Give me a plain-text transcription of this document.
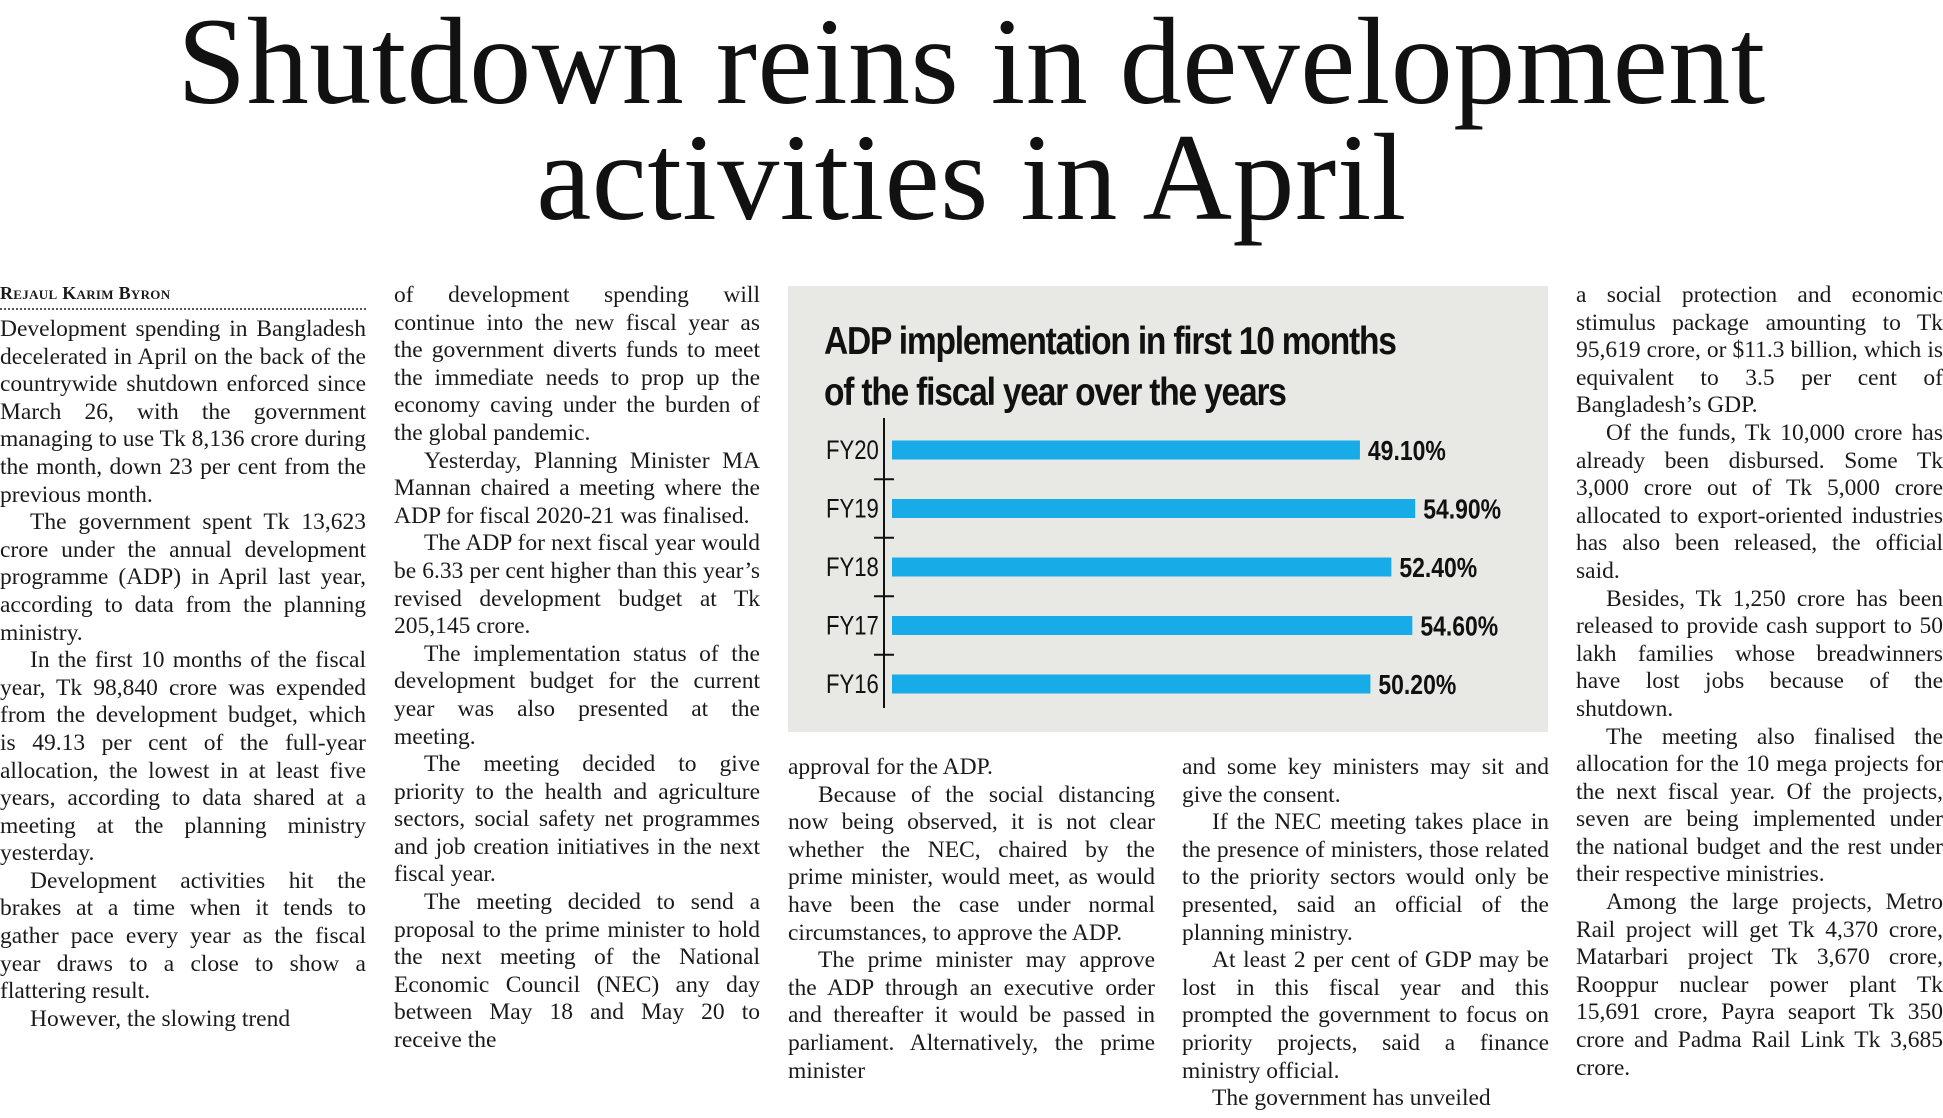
Shutdown reins in development
activities in April
Rejaul Karim Byron

Development spending in Bangladesh decelerated in April on the back of the countrywide shutdown enforced since March 26, with the government managing to use Tk 8,136 crore during the month, down 23 per cent from the previous month.

The government spent Tk 13,623 crore under the annual development programme (ADP) in April last year, according to data from the planning ministry.

In the first 10 months of the fiscal year, Tk 98,840 crore was expended from the development budget, which is 49.13 per cent of the full-year allocation, the lowest in at least five years, according to data shared at a meeting at the planning ministry yesterday.

Development activities hit the brakes at a time when it tends to gather pace every year as the fiscal year draws to a close to show a flattering result.

However, the slowing trend

of development spending will continue into the new fiscal year as the government diverts funds to meet the immediate needs to prop up the economy caving under the burden of the global pandemic.

Yesterday, Planning Minister MA Mannan chaired a meeting where the ADP for fiscal 2020-21 was finalised.

The ADP for next fiscal year would be 6.33 per cent higher than this year’s revised development budget at Tk 205,145 crore.

The implementation status of the development budget for the current year was also presented at the meeting.

The meeting decided to give priority to the health and agriculture sectors, social safety net programmes and job creation initiatives in the next fiscal year.

The meeting decided to send a proposal to the prime minister to hold the next meeting of the National Economic Council (NEC) any day between May 18 and May 20 to receive the

ADP implementation in first 10 months of the fiscal year over the years
FY20	49.10%
FY19	54.90%
FY18	52.40%
FY17	54.60%
FY16	50.20%

approval for the ADP.

Because of the social distancing now being observed, it is not clear whether the NEC, chaired by the prime minister, would meet, as would have been the case under normal circumstances, to approve the ADP.

The prime minister may approve the ADP through an executive order and thereafter it would be passed in parliament. Alternatively, the prime minister

and some key ministers may sit and give the consent.

If the NEC meeting takes place in the presence of ministers, those related to the priority sectors would only be presented, said an official of the planning ministry.

At least 2 per cent of GDP may be lost in this fiscal year and this prompted the government to focus on priority projects, said a finance ministry official.

The government has unveiled

a social protection and economic stimulus package amounting to Tk 95,619 crore, or $11.3 billion, which is equivalent to 3.5 per cent of Bangladesh’s GDP.

Of the funds, Tk 10,000 crore has already been disbursed. Some Tk 3,000 crore out of Tk 5,000 crore allocated to export-oriented industries has also been released, the official said.

Besides, Tk 1,250 crore has been released to provide cash support to 50 lakh families whose breadwinners have lost jobs because of the shutdown.

The meeting also finalised the allocation for the 10 mega projects for the next fiscal year. Of the projects, seven are being implemented under the national budget and the rest under their respective ministries.

Among the large projects, Metro Rail project will get Tk 4,370 crore, Matarbari project Tk 3,670 crore, Rooppur nuclear power plant Tk 15,691 crore, Payra seaport Tk 350 crore and Padma Rail Link Tk 3,685 crore.
